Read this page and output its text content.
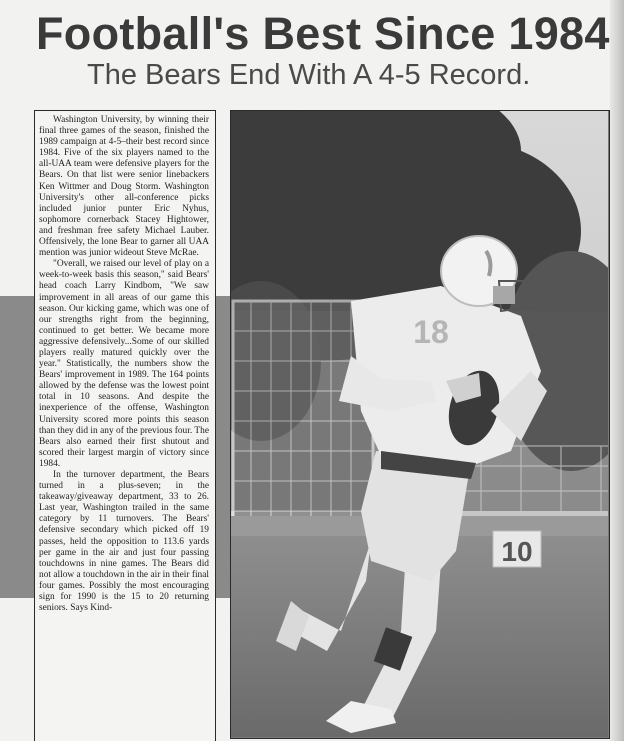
Football's Best Since 1984
The Bears End With A 4-5 Record.

Washington University, by winning their final three games of the season, finished the 1989 campaign at 4-5–their best record since 1984. Five of the six players named to the all-UAA team were defensive players for the Bears. On that list were senior linebackers Ken Wittmer and Doug Storm. Washington University's other all-conference picks included junior punter Eric Nyhus, sophomore cornerback Stacey Hightower, and freshman free safety Michael Lauber. Offensively, the lone Bear to garner all UAA mention was junior wideout Steve McRae.

"Overall, we raised our level of play on a week-to-week basis this season," said Bears' head coach Larry Kindbom, "We saw improvement in all areas of our game this season. Our kicking game, which was one of our strengths right from the beginning, continued to get better. We became more aggressive defensively...Some of our skilled players really matured quickly over the year." Statistically, the numbers show the Bears' improvement in 1989. The 164 points allowed by the defense was the lowest point total in 10 seasons. And despite the inexperience of the offense, Washington University scored more points this season than they did in any of the previous four. The Bears also earned their first shutout and scored their largest margin of victory since 1984.

In the turnover department, the Bears turned in a plus-seven; in the takeaway/giveaway department, 33 to 26. Last year, Washington trailed in the same category by 11 turnovers. The Bears' defensive secondary which picked off 19 passes, held the opposition to 113.6 yards per game in the air and just four passing touchdowns in nine games. The Bears did not allow a touchdown in the air in their final four games. Possibly the most encouraging sign for 1990 is the 15 to 20 returning seniors. Says Kind-

10
18
